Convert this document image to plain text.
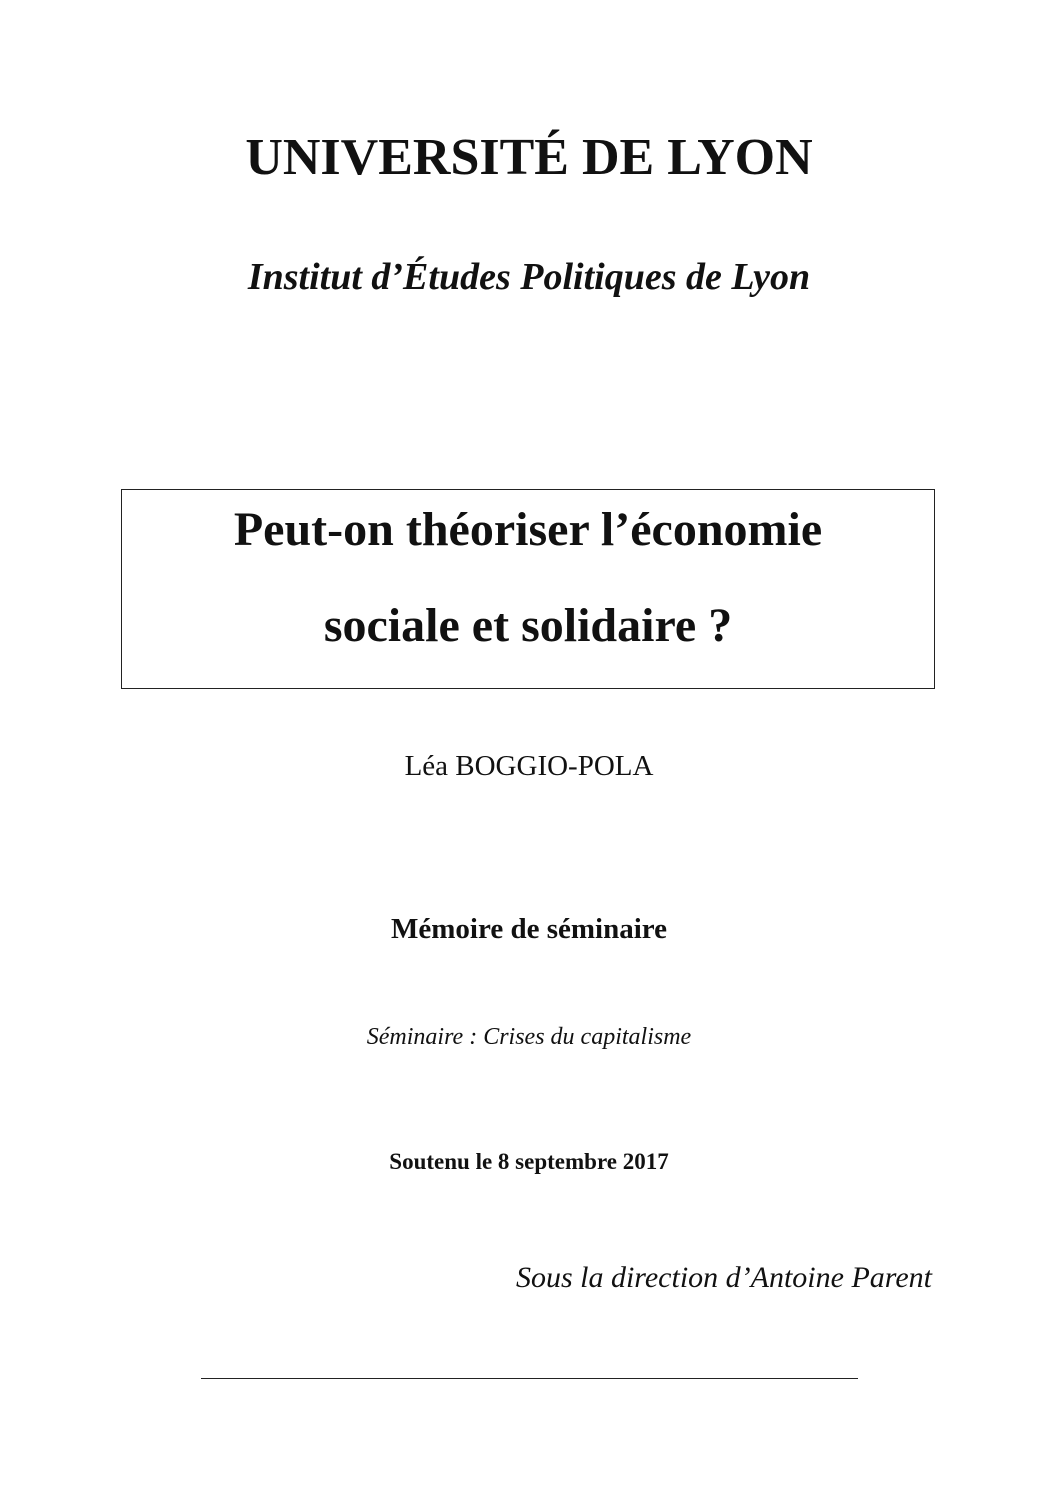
UNIVERSITÉ DE LYON
Institut d’Études Politiques de Lyon
Peut-on théoriser l’économie
sociale et solidaire ?
Léa BOGGIO-POLA
Mémoire de séminaire
Séminaire : Crises du capitalisme
Soutenu le 8 septembre 2017
Sous la direction d’Antoine Parent
